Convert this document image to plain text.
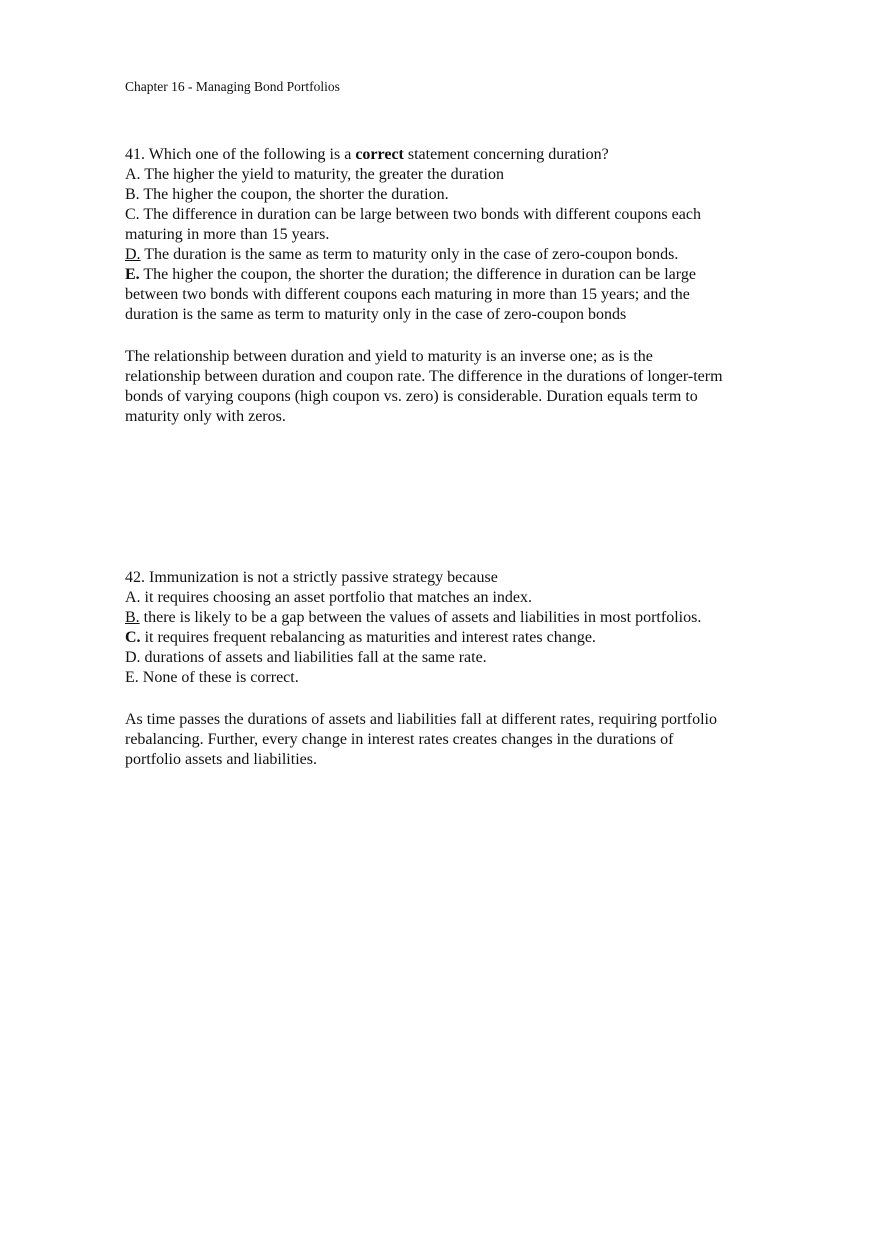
Chapter 16 - Managing Bond Portfolios
41. Which one of the following is a correct statement concerning duration?
A. The higher the yield to maturity, the greater the duration
B. The higher the coupon, the shorter the duration.
C. The difference in duration can be large between two bonds with different coupons each
maturing in more than 15 years.
D. The duration is the same as term to maturity only in the case of zero-coupon bonds.
E. The higher the coupon, the shorter the duration; the difference in duration can be large
between two bonds with different coupons each maturing in more than 15 years; and the
duration is the same as term to maturity only in the case of zero-coupon bonds
The relationship between duration and yield to maturity is an inverse one; as is the
relationship between duration and coupon rate. The difference in the durations of longer-term
bonds of varying coupons (high coupon vs. zero) is considerable. Duration equals term to
maturity only with zeros.
42. Immunization is not a strictly passive strategy because
A. it requires choosing an asset portfolio that matches an index.
B. there is likely to be a gap between the values of assets and liabilities in most portfolios.
C. it requires frequent rebalancing as maturities and interest rates change.
D. durations of assets and liabilities fall at the same rate.
E. None of these is correct.
As time passes the durations of assets and liabilities fall at different rates, requiring portfolio
rebalancing. Further, every change in interest rates creates changes in the durations of
portfolio assets and liabilities.
